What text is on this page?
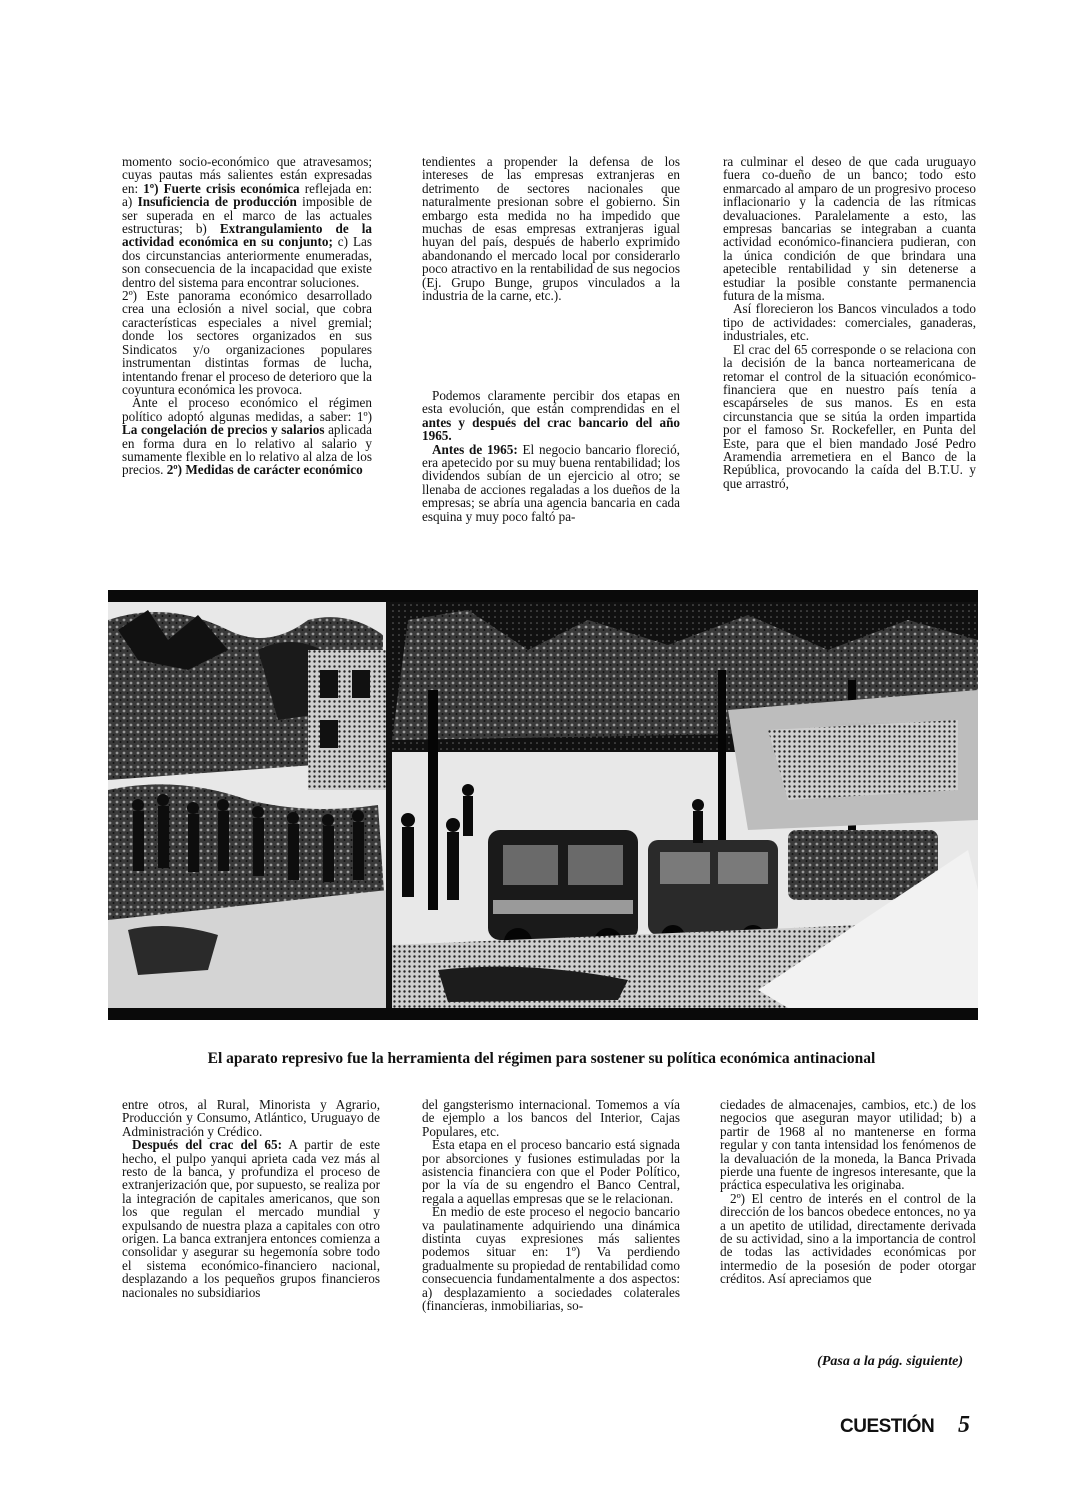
momento socio-económico que atravesamos; cuyas pautas más salientes están expresadas en: 1º) Fuerte crisis económica reflejada en: a) Insuficiencia de producción imposible de ser superada en el marco de las actuales estructuras; b) Extrangulamiento de la actividad económica en su conjunto; c) Las dos circunstancias anteriormente enumeradas, son consecuencia de la incapacidad que existe dentro del sistema para encontrar soluciones.

2º) Este panorama económico desarrollado crea una eclosión a nivel social, que cobra características especiales a nivel gremial; donde los sectores organizados en sus Sindicatos y/o organizaciones populares instrumentan distintas formas de lucha, intentando frenar el proceso de deterioro que la coyuntura económica les provoca.

Ante el proceso económico el régimen político adoptó algunas medidas, a saber: 1º) La congelación de precios y salarios aplicada en forma dura en lo relativo al salario y sumamente flexible en lo relativo al alza de los precios. 2º) Medidas de carácter económico

tendientes a propender la defensa de los intereses de las empresas extranjeras en detrimento de sectores nacionales que naturalmente presionan sobre el gobierno. Sin embargo esta medida no ha impedido que muchas de esas empresas extranjeras igual huyan del país, después de haberlo exprimido abandonando el mercado local por considerarlo poco atractivo en la rentabilidad de sus negocios (Ej. Grupo Bunge, grupos vinculados a la industria de la carne, etc.).

Podemos claramente percibir dos etapas en esta evolución, que están comprendidas en el antes y después del crac bancario del año 1965.

Antes de 1965: El negocio bancario floreció, era apetecido por su muy buena rentabilidad; los dividendos subían de un ejercicio al otro; se llenaba de acciones regaladas a los dueños de la empresas; se abría una agencia bancaria en cada esquina y muy poco faltó pa-

ra culminar el deseo de que cada uruguayo fuera co-dueño de un banco; todo esto enmarcado al amparo de un progresivo proceso inflacionario y la cadencia de las rítmicas devaluaciones. Paralelamente a esto, las empresas bancarias se integraban a cuanta actividad económico-financiera pudieran, con la única condición de que brindara una apetecible rentabilidad y sin detenerse a estudiar la posible constante permanencia futura de la misma.

Así florecieron los Bancos vinculados a todo tipo de actividades: comerciales, ganaderas, industriales, etc.

El crac del 65 corresponde o se relaciona con la decisión de la banca norteamericana de retomar el control de la situación económico-financiera que en nuestro país tenía a escapárseles de sus manos. Es en esta circunstancia que se sitúa la orden impartida por el famoso Sr. Rockefeller, en Punta del Este, para que el bien mandado José Pedro Aramendia arremetiera en el Banco de la República, provocando la caída del B.T.U. y que arrastró,

El aparato represivo fue la herramienta del régimen para sostener su política económica antinacional

entre otros, al Rural, Minorista y Agrario, Producción y Consumo, Atlántico, Uruguayo de Administración y Crédico.

Después del crac del 65: A partir de este hecho, el pulpo yanqui aprieta cada vez más al resto de la banca, y profundiza el proceso de extranjerización que, por supuesto, se realiza por la integración de capitales americanos, que son los que regulan el mercado mundial y expulsando de nuestra plaza a capitales con otro origen. La banca extranjera entonces comienza a consolidar y asegurar su hegemonía sobre todo el sistema económico-financiero nacional, desplazando a los pequeños grupos financieros nacionales no subsidiarios

del gangsterismo internacional. Tomemos a vía de ejemplo a los bancos del Interior, Cajas Populares, etc.

Esta etapa en el proceso bancario está signada por absorciones y fusiones estimuladas por la asistencia financiera con que el Poder Político, por la vía de su engendro el Banco Central, regala a aquellas empresas que se le relacionan.

En medio de este proceso el negocio bancario va paulatinamente adquiriendo una dinámica distinta cuyas expresiones más salientes podemos situar en: 1º) Va perdiendo gradualmente su propiedad de rentabilidad como consecuencia fundamentalmente a dos aspectos: a) desplazamiento a sociedades colaterales (financieras, inmobiliarias, so-

ciedades de almacenajes, cambios, etc.) de los negocios que aseguran mayor utilidad; b) a partir de 1968 al no mantenerse en forma regular y con tanta intensidad los fenómenos de la devaluación de la moneda, la Banca Privada pierde una fuente de ingresos interesante, que la práctica especulativa les originaba.

2º) El centro de interés en el control de la dirección de los bancos obedece entonces, no ya a un apetito de utilidad, directamente derivada de su actividad, sino a la importancia de control de todas las actividades económicas por intermedio de la posesión de poder otorgar créditos. Así apreciamos que

(Pasa a la pág. siguiente)
CUESTIÓN 5
